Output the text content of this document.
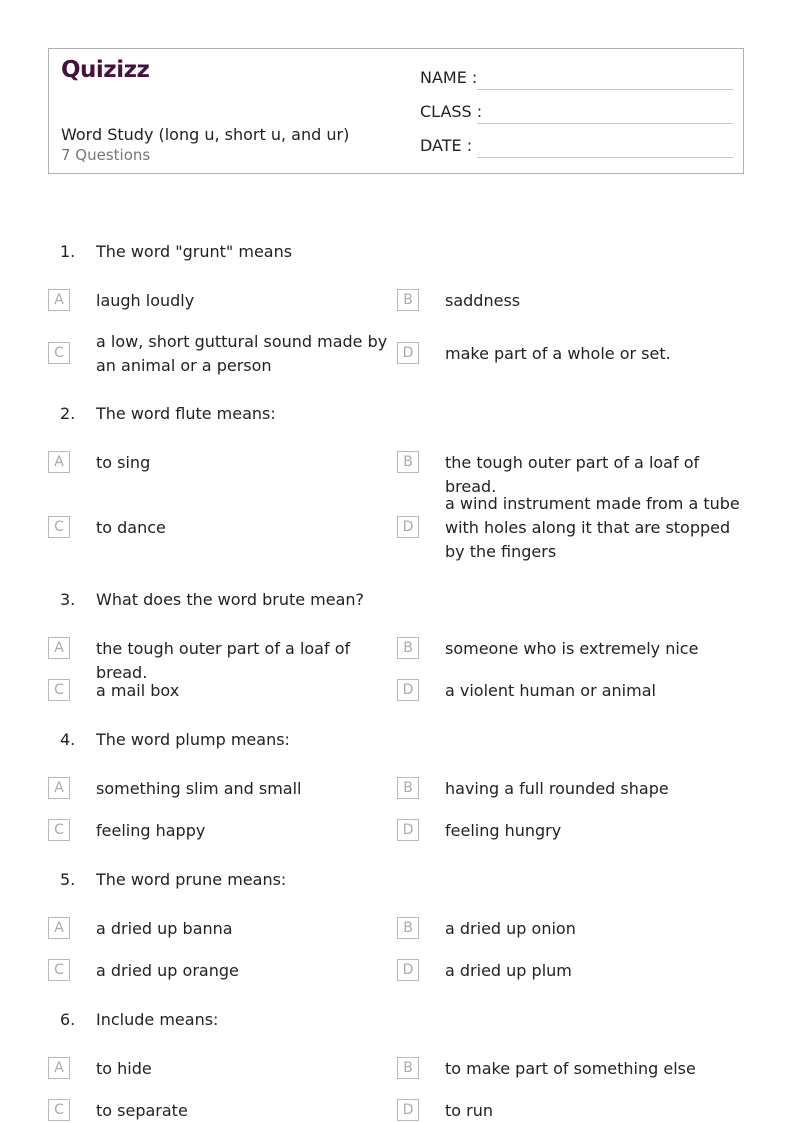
Quizizz
Word Study (long u, short u, and ur)
7 Questions
NAME :
CLASS :
DATE :
1. The word "grunt" means
A	laugh loudly	B	saddness
C
a low, short guttural sound made by an animal or a person
D	make part of a whole or set.
2. The word flute means:
A	to sing	B	the tough outer part of a loaf of bread.
C	to dance	D
a wind instrument made from a tube with holes along it that are stopped by the fingers
3. What does the word brute mean?
A	the tough outer part of a loaf of bread.
B	someone who is extremely nice
C	a mail box	D	a violent human or animal
4. The word plump means:
A	something slim and small	B	having a full rounded shape
C	feeling happy	D	feeling hungry
5. The word prune means:
A	a dried up banna	B	a dried up onion
C	a dried up orange	D	a dried up plum
6. Include means:
A	to hide	B	to make part of something else
C	to separate	D	to run
